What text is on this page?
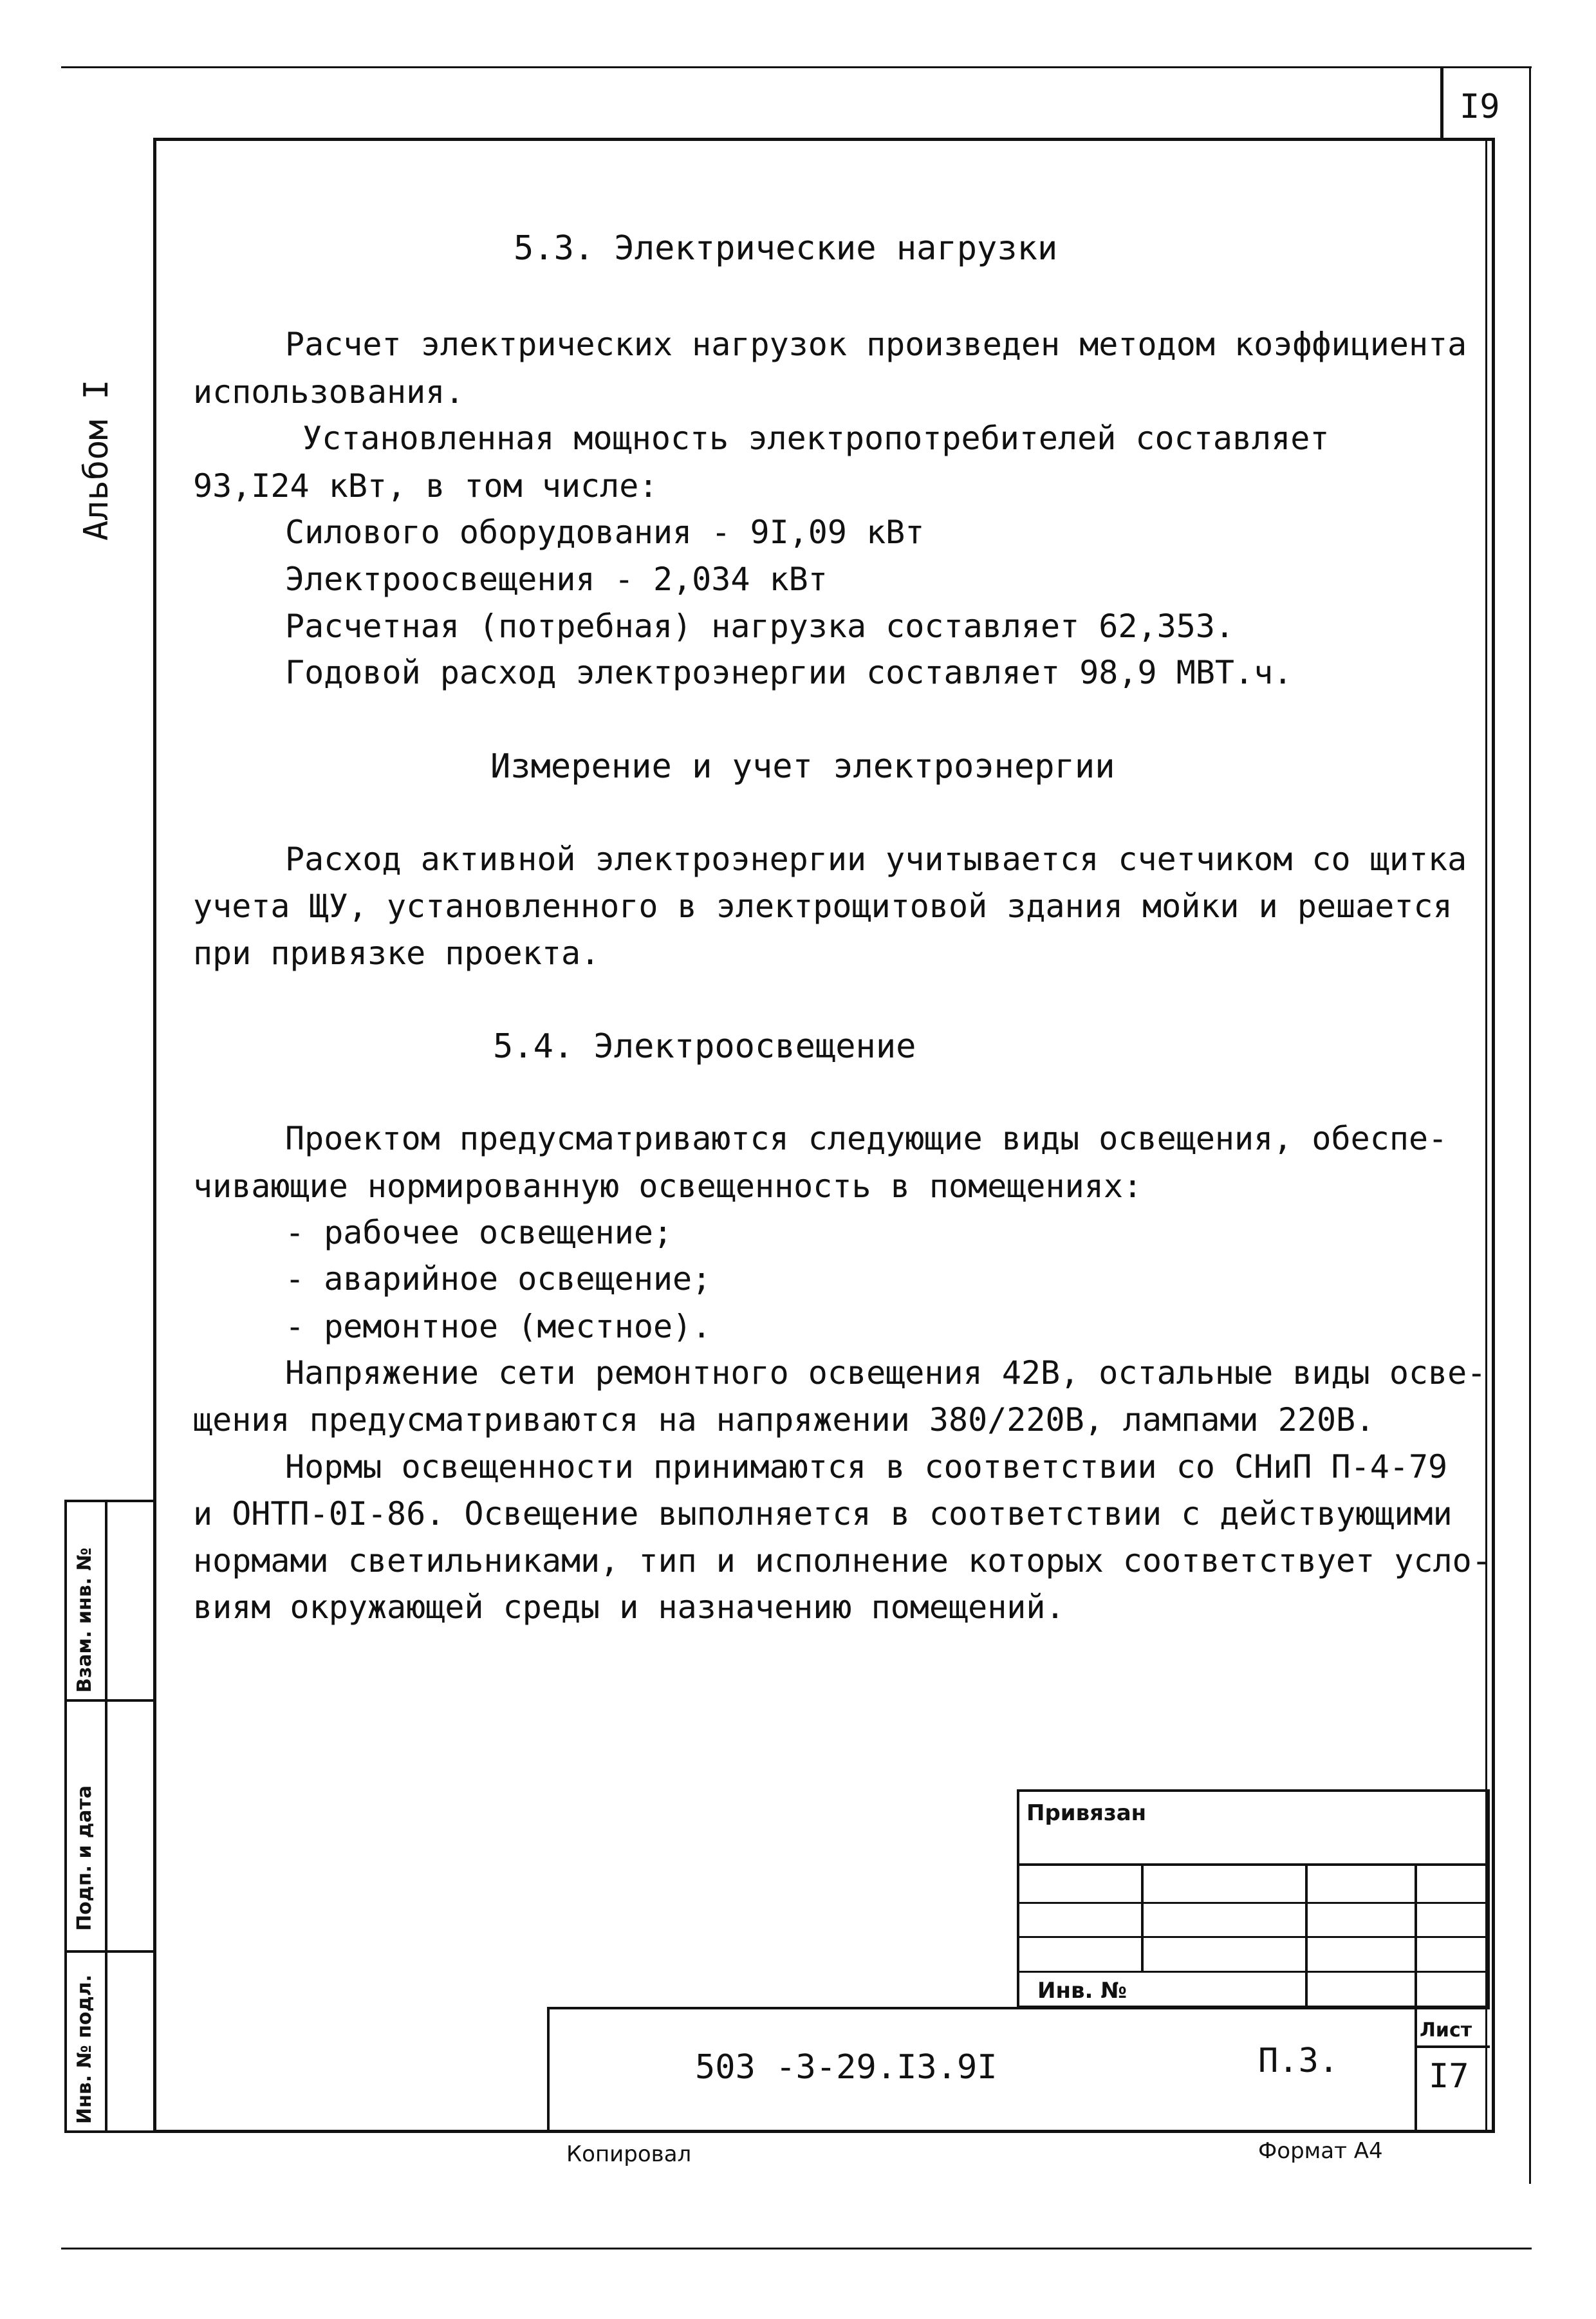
I9
Альбом I
Взам. инв. №
Подп. и дата
Инв. № подл.
5.3. Электрические нагрузки
Расчет электрических нагрузок произведен методом коэффициента
использования.
Установленная мощность электропотребителей составляет
93,I24 кВт, в том числе:
Силового оборудования - 9I,09 кВт
Электроосвещения - 2,034 кВт
Расчетная (потребная) нагрузка составляет 62,353.
Годовой расход электроэнергии составляет 98,9 МВТ.ч.
Измерение и учет электроэнергии
Расход активной электроэнергии учитывается счетчиком со щитка
учета ЩУ, установленного в электрощитовой здания мойки и решается
при привязке проекта.
5.4. Электроосвещение
Проектом предусматриваются следующие виды освещения, обеспе-
чивающие нормированную освещенность в помещениях:
- рабочее освещение;
- аварийное освещение;
- ремонтное (местное).
Напряжение сети ремонтного освещения 42В, остальные виды осве-
щения предусматриваются на напряжении 380/220В, лампами 220В.
Нормы освещенности принимаются в соответствии со СНиП П-4-79
и ОНТП-0I-86. Освещение выполняется в соответствии с действующими
нормами светильниками, тип и исполнение которых соответствует усло-
виям окружающей среды и назначению помещений.
Привязан
Инв. №
503 -3-29.I3.9I	П.З.
Лист
I7
Копировал	Формат А4
